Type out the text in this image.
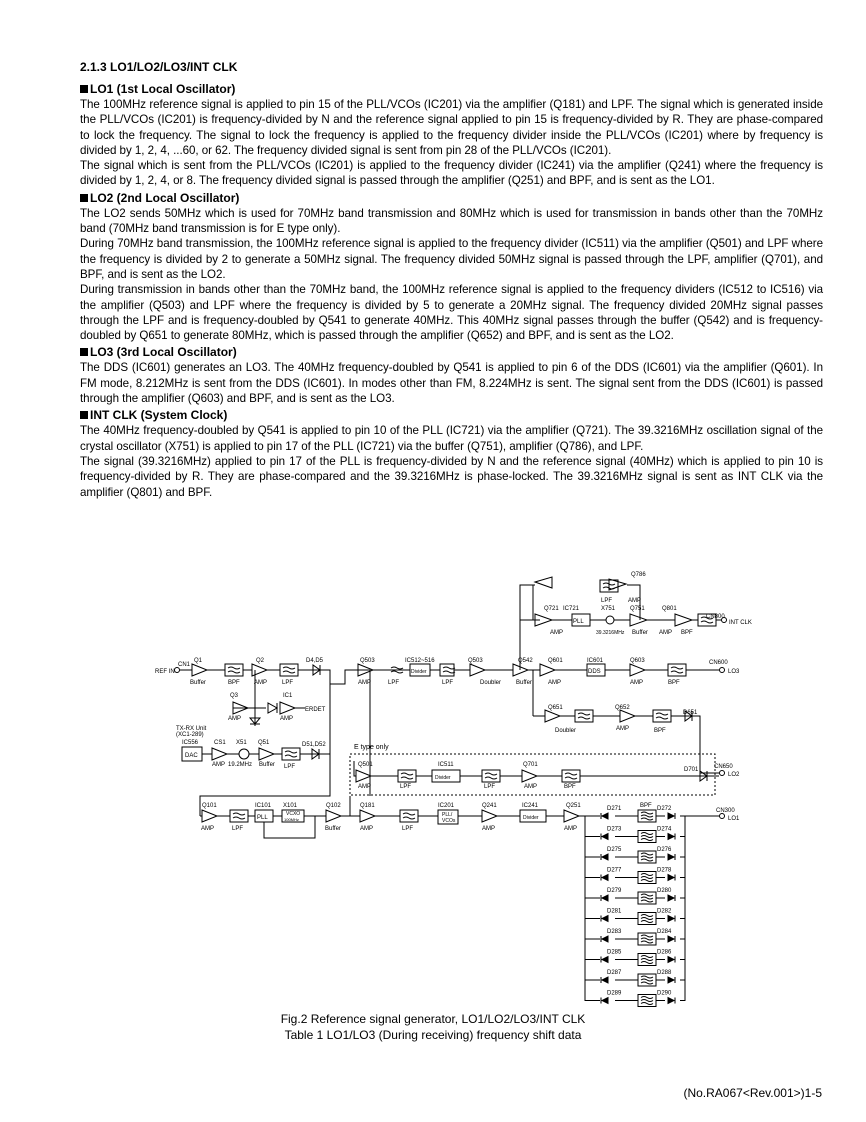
2.1.3 LO1/LO2/LO3/INT CLK
LO1 (1st Local Oscillator)

The 100MHz reference signal is applied to pin 15 of the PLL/VCOs (IC201) via the amplifier (Q181) and LPF. The signal which is generated inside the PLL/VCOs (IC201) is frequency-divided by N and the reference signal applied to pin 15 is frequency-divided by R. They are phase-compared to lock the frequency. The signal to lock the frequency is applied to the frequency divider inside the PLL/VCOs (IC201) where by frequency is divided by 1, 2, 4, ...60, or 62. The frequency divided signal is sent from pin 28 of the PLL/VCOs (IC201).

The signal which is sent from the PLL/VCOs (IC201) is applied to the frequency divider (IC241) via the amplifier (Q241) where the frequency is divided by 1, 2, 4, or 8. The frequency divided signal is passed through the amplifier (Q251) and BPF, and is sent as the LO1.

LO2 (2nd Local Oscillator)

The LO2 sends 50MHz which is used for 70MHz band transmission and 80MHz which is used for transmission in bands other than the 70MHz band (70MHz band transmission is for E type only).

During 70MHz band transmission, the 100MHz reference signal is applied to the frequency divider (IC511) via the amplifier (Q501) and LPF where the frequency is divided by 2 to generate a 50MHz signal. The frequency divided 50MHz signal is passed through the LPF, amplifier (Q701), and BPF, and is sent as the LO2.

During transmission in bands other than the 70MHz band, the 100MHz reference signal is applied to the frequency dividers (IC512 to IC516) via the amplifier (Q503) and LPF where the frequency is divided by 5 to generate a 20MHz signal. The frequency divided 20MHz signal passes through the LPF and is frequency-doubled by Q541 to generate 40MHz. This 40MHz signal passes through the buffer (Q542) and is frequency-doubled by Q651 to generate 80MHz, which is passed through the amplifier (Q652) and BPF, and is sent as the LO2.

LO3 (3rd Local Oscillator)

The DDS (IC601) generates an LO3. The 40MHz frequency-doubled by Q541 is applied to pin 6 of the DDS (IC601) via the amplifier (Q601). In FM mode, 8.212MHz is sent from the DDS (IC601). In modes other than FM, 8.224MHz is sent. The signal sent from the DDS (IC601) is passed through the amplifier (Q603) and BPF, and is sent as the LO3.

INT CLK (System Clock)

The 40MHz frequency-doubled by Q541 is applied to pin 10 of the PLL (IC721) via the amplifier (Q721). The 39.3216MHz oscillation signal of the crystal oscillator (X751) is applied to pin 17 of the PLL (IC721) via the buffer (Q751), amplifier (Q786), and LPF.

The signal (39.3216MHz) applied to pin 17 of the PLL is frequency-divided by N and the reference signal (40MHz) which is applied to pin 10 is frequency-divided by R. They are phase-compared and the 39.3216MHz is phase-locked. The 39.3216MHz signal is sent as INT CLK via the amplifier (Q801) and BPF.

Q786
LPF	AMP
Q721 IC721
PLL
X751 Q751	Q801
AMP	39.3216MHz Buffer AMP BPF
CN800
INT CLK
REF IN
CN1
Q1
Buffer	BPF
Q2
AMP LPF
D4,D5
Q3
AMP
IC1
AMP
ERDET
TX-RX Unit
(XC1-289)
IC556	CS1 X51 Q51	D51,D52
DAC
AMP 19.2MHz Buffer LPF
Q503	IC512~516	Q503	Q542	Q601	IC601	Q603	CN600
AMP	LPF
Divider
LPF	Doubler Buffer	AMP
DDS
AMP	BPF
LO3
Q651	Q652
D651
Doubler	AMP	BPF
E type only
Q501	IC511	Q701
D701	CN650
AMP	LPF
Divider
LPF	AMP	BPF
LO2
Q101	IC101 X101	Q102	Q181	IC201	Q241	IC241	Q251
CN300
AMP	LPF
PLL
VCXO
100MHz
Buffer	AMP	LPF
PLL/
VCOs
AMP
Divider
AMP
LO1
BPF
D271	D272
D273	D274
D275	D276
D277	D278
D279	D280
D281	D282
D283	D284
D285	D286
D287	D288
D289	D290
Fig.2 Reference signal generator, LO1/LO2/LO3/INT CLK
Table 1 LO1/LO3 (During receiving) frequency shift data
(No.RA067<Rev.001>)1-5
